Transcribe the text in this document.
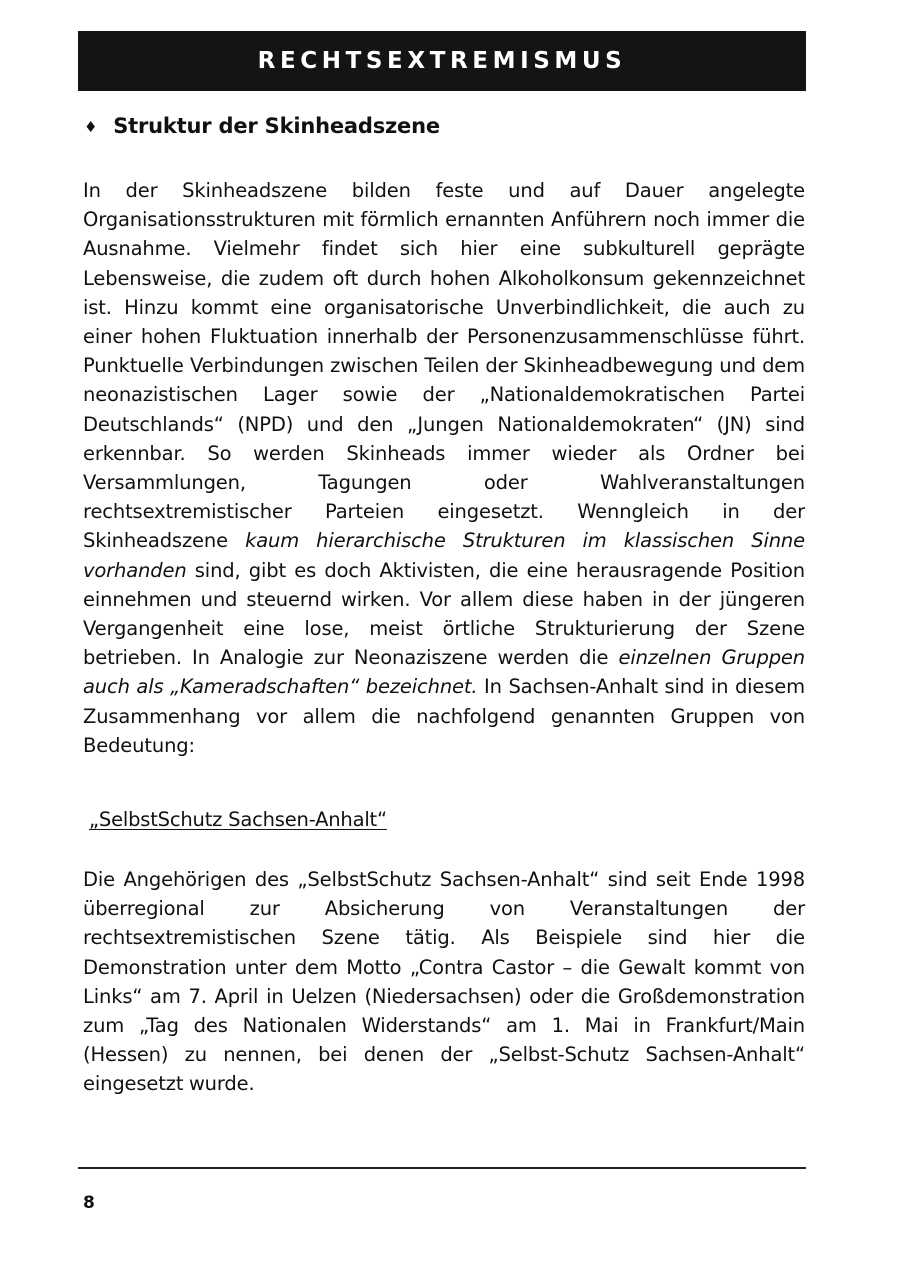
RECHTSEXTREMISMUS
♦ Struktur der Skinheadszene

In der Skinheadszene bilden feste und auf Dauer angelegte Organisationsstrukturen mit förmlich ernannten Anführern noch immer die Ausnahme. Vielmehr findet sich hier eine subkulturell geprägte Lebensweise, die zudem oft durch hohen Alkoholkonsum gekennzeichnet ist. Hinzu kommt eine organisatorische Unverbindlichkeit, die auch zu einer hohen Fluktuation innerhalb der Personenzusammenschlüsse führt. Punktuelle Verbindungen zwischen Teilen der Skinheadbewegung und dem neonazistischen Lager sowie der „Nationaldemokratischen Partei Deutschlands“ (NPD) und den „Jungen Nationaldemokraten“ (JN) sind erkennbar. So werden Skinheads immer wieder als Ordner bei Versammlungen, Tagungen oder Wahlveranstaltungen rechtsextremistischer Parteien eingesetzt. Wenngleich in der Skinheadszene kaum hierarchische Strukturen im klassischen Sinne vorhanden sind, gibt es doch Aktivisten, die eine herausragende Position einnehmen und steuernd wirken. Vor allem diese haben in der jüngeren Vergangenheit eine lose, meist örtliche Strukturierung der Szene betrieben. In Analogie zur Neonaziszene werden die einzelnen Gruppen auch als „Kameradschaften“ bezeichnet. In Sachsen-Anhalt sind in diesem Zusammenhang vor allem die nachfolgend genannten Gruppen von Bedeutung:

„SelbstSchutz Sachsen-Anhalt“

Die Angehörigen des „SelbstSchutz Sachsen-Anhalt“ sind seit Ende 1998 überregional zur Absicherung von Veranstaltungen der rechtsextremistischen Szene tätig. Als Beispiele sind hier die Demonstration unter dem Motto „Contra Castor – die Gewalt kommt von Links“ am 7. April in Uelzen (Niedersachsen) oder die Großdemonstration zum „Tag des Nationalen Widerstands“ am 1. Mai in Frankfurt/Main (Hessen) zu nennen, bei denen der „Selbst-Schutz Sachsen-Anhalt“ eingesetzt wurde.

8
